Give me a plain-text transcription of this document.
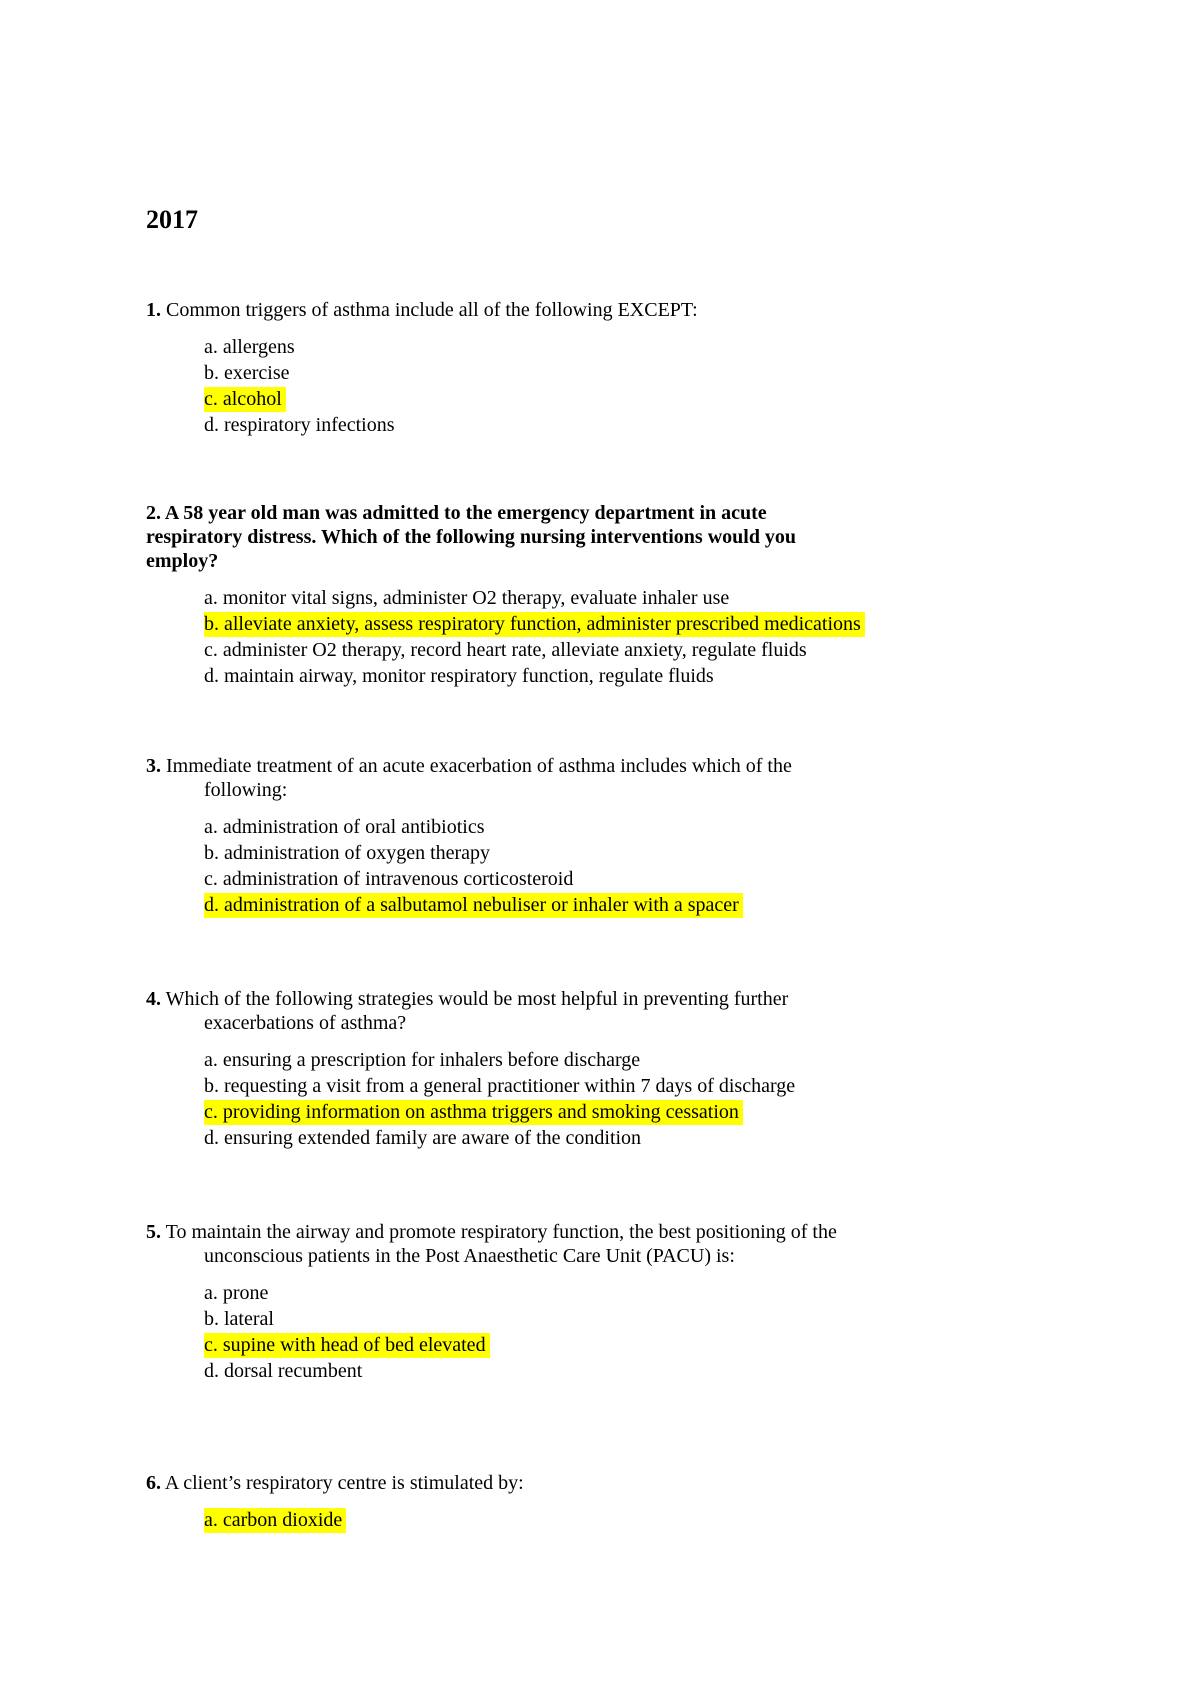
2017

1. Common triggers of asthma include all of the following EXCEPT:

a. allergens
b. exercise
c. alcohol
d. respiratory infections

2. A 58 year old man was admitted to the emergency department in acute
respiratory distress. Which of the following nursing interventions would you
employ?

a. monitor vital signs, administer O2 therapy, evaluate inhaler use
b. alleviate anxiety, assess respiratory function, administer prescribed medications
c. administer O2 therapy, record heart rate, alleviate anxiety, regulate fluids
d. maintain airway, monitor respiratory function, regulate fluids

3. Immediate treatment of an acute exacerbation of asthma includes which of the
following:

a. administration of oral antibiotics
b. administration of oxygen therapy
c. administration of intravenous corticosteroid
d. administration of a salbutamol nebuliser or inhaler with a spacer

4. Which of the following strategies would be most helpful in preventing further
exacerbations of asthma?

a. ensuring a prescription for inhalers before discharge
b. requesting a visit from a general practitioner within 7 days of discharge
c. providing information on asthma triggers and smoking cessation
d. ensuring extended family are aware of the condition

5. To maintain the airway and promote respiratory function, the best positioning of the
unconscious patients in the Post Anaesthetic Care Unit (PACU) is:

a. prone
b. lateral
c. supine with head of bed elevated
d. dorsal recumbent

6. A client’s respiratory centre is stimulated by:

a. carbon dioxide
